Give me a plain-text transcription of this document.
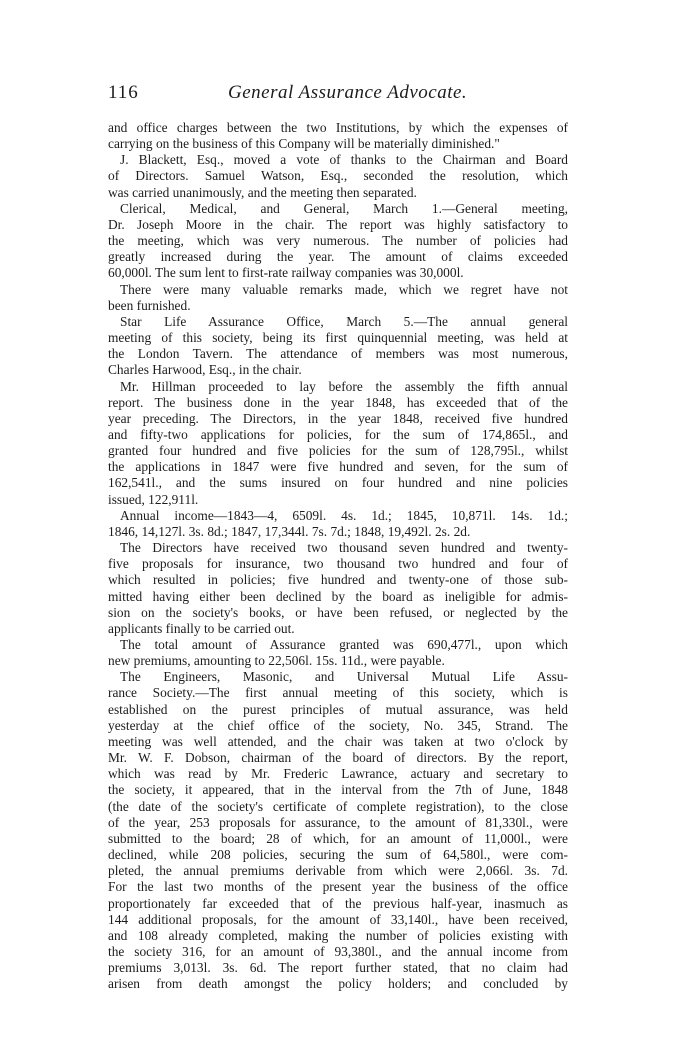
116	General Assurance Advocate.
and office charges between the two Institutions, by which the expenses of
carrying on the business of this Company will be materially diminished."
J. Blackett, Esq., moved a vote of thanks to the Chairman and Board
of Directors. Samuel Watson, Esq., seconded the resolution, which
was carried unanimously, and the meeting then separated.
Clerical, Medical, and General, March 1.—General meeting,
Dr. Joseph Moore in the chair. The report was highly satisfactory to
the meeting, which was very numerous. The number of policies had
greatly increased during the year. The amount of claims exceeded
60,000l. The sum lent to first-rate railway companies was 30,000l.
There were many valuable remarks made, which we regret have not
been furnished.
Star Life Assurance Office, March 5.—The annual general
meeting of this society, being its first quinquennial meeting, was held at
the London Tavern. The attendance of members was most numerous,
Charles Harwood, Esq., in the chair.
Mr. Hillman proceeded to lay before the assembly the fifth annual
report. The business done in the year 1848, has exceeded that of the
year preceding. The Directors, in the year 1848, received five hundred
and fifty-two applications for policies, for the sum of 174,865l., and
granted four hundred and five policies for the sum of 128,795l., whilst
the applications in 1847 were five hundred and seven, for the sum of
162,541l., and the sums insured on four hundred and nine policies
issued, 122,911l.
Annual income—1843—4, 6509l. 4s. 1d.; 1845, 10,871l. 14s. 1d.;
1846, 14,127l. 3s. 8d.; 1847, 17,344l. 7s. 7d.; 1848, 19,492l. 2s. 2d.
The Directors have received two thousand seven hundred and twenty-
five proposals for insurance, two thousand two hundred and four of
which resulted in policies; five hundred and twenty-one of those sub-
mitted having either been declined by the board as ineligible for admis-
sion on the society's books, or have been refused, or neglected by the
applicants finally to be carried out.
The total amount of Assurance granted was 690,477l., upon which
new premiums, amounting to 22,506l. 15s. 11d., were payable.
The Engineers, Masonic, and Universal Mutual Life Assu-
rance Society.—The first annual meeting of this society, which is
established on the purest principles of mutual assurance, was held
yesterday at the chief office of the society, No. 345, Strand. The
meeting was well attended, and the chair was taken at two o'clock by
Mr. W. F. Dobson, chairman of the board of directors. By the report,
which was read by Mr. Frederic Lawrance, actuary and secretary to
the society, it appeared, that in the interval from the 7th of June, 1848
(the date of the society's certificate of complete registration), to the close
of the year, 253 proposals for assurance, to the amount of 81,330l., were
submitted to the board; 28 of which, for an amount of 11,000l., were
declined, while 208 policies, securing the sum of 64,580l., were com-
pleted, the annual premiums derivable from which were 2,066l. 3s. 7d.
For the last two months of the present year the business of the office
proportionately far exceeded that of the previous half-year, inasmuch as
144 additional proposals, for the amount of 33,140l., have been received,
and 108 already completed, making the number of policies existing with
the society 316, for an amount of 93,380l., and the annual income from
premiums 3,013l. 3s. 6d. The report further stated, that no claim had
arisen from death amongst the policy holders; and concluded by
